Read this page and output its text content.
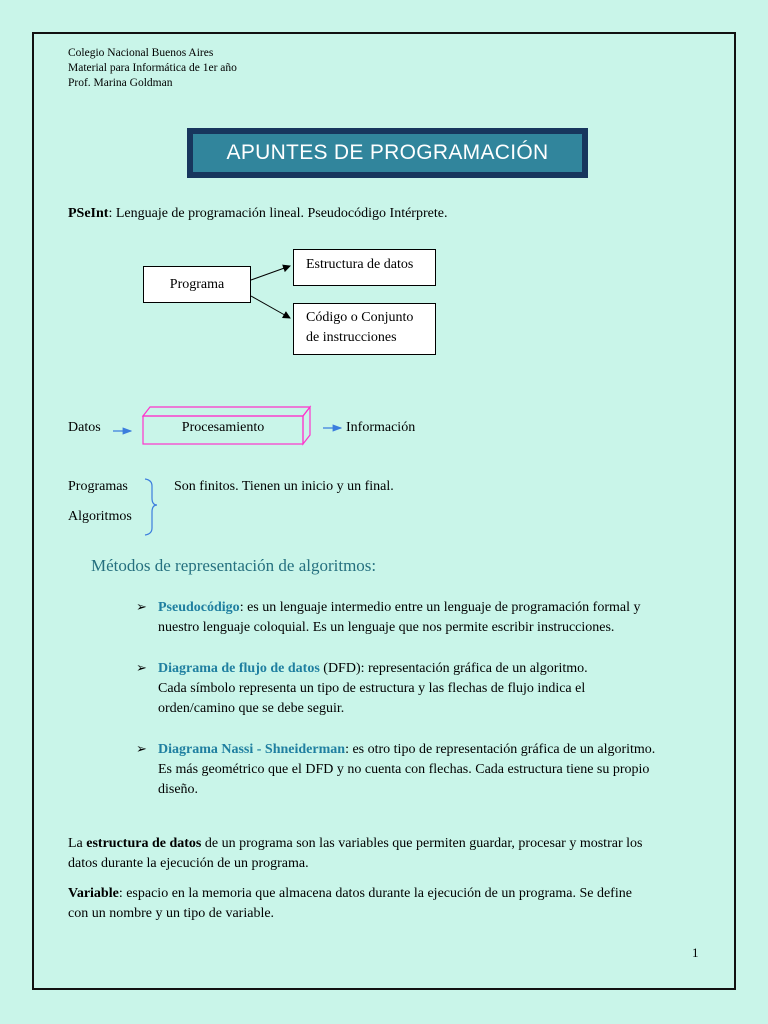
Colegio Nacional Buenos Aires
Material para Informática de 1er año
Prof. Marina Goldman
APUNTES DE PROGRAMACIÓN
PSeInt: Lenguaje de programación lineal. Pseudocódigo Intérprete.
Programa
Estructura de datos
Código o Conjunto
de instrucciones
Datos	Procesamiento	Información
Programas
Algoritmos
Son finitos. Tienen un inicio y un final.
Métodos de representación de algoritmos:
➢ Pseudocódigo: es un lenguaje intermedio entre un lenguaje de programación formal y
nuestro lenguaje coloquial. Es un lenguaje que nos permite escribir instrucciones.
➢ Diagrama de flujo de datos (DFD): representación gráfica de un algoritmo.
Cada símbolo representa un tipo de estructura y las flechas de flujo indica el
orden/camino que se debe seguir.
➢ Diagrama Nassi - Shneiderman: es otro tipo de representación gráfica de un algoritmo.
Es más geométrico que el DFD y no cuenta con flechas. Cada estructura tiene su propio
diseño.
La estructura de datos de un programa son las variables que permiten guardar, procesar y mostrar los
datos durante la ejecución de un programa.
Variable: espacio en la memoria que almacena datos durante la ejecución de un programa. Se define
con un nombre y un tipo de variable.
1
